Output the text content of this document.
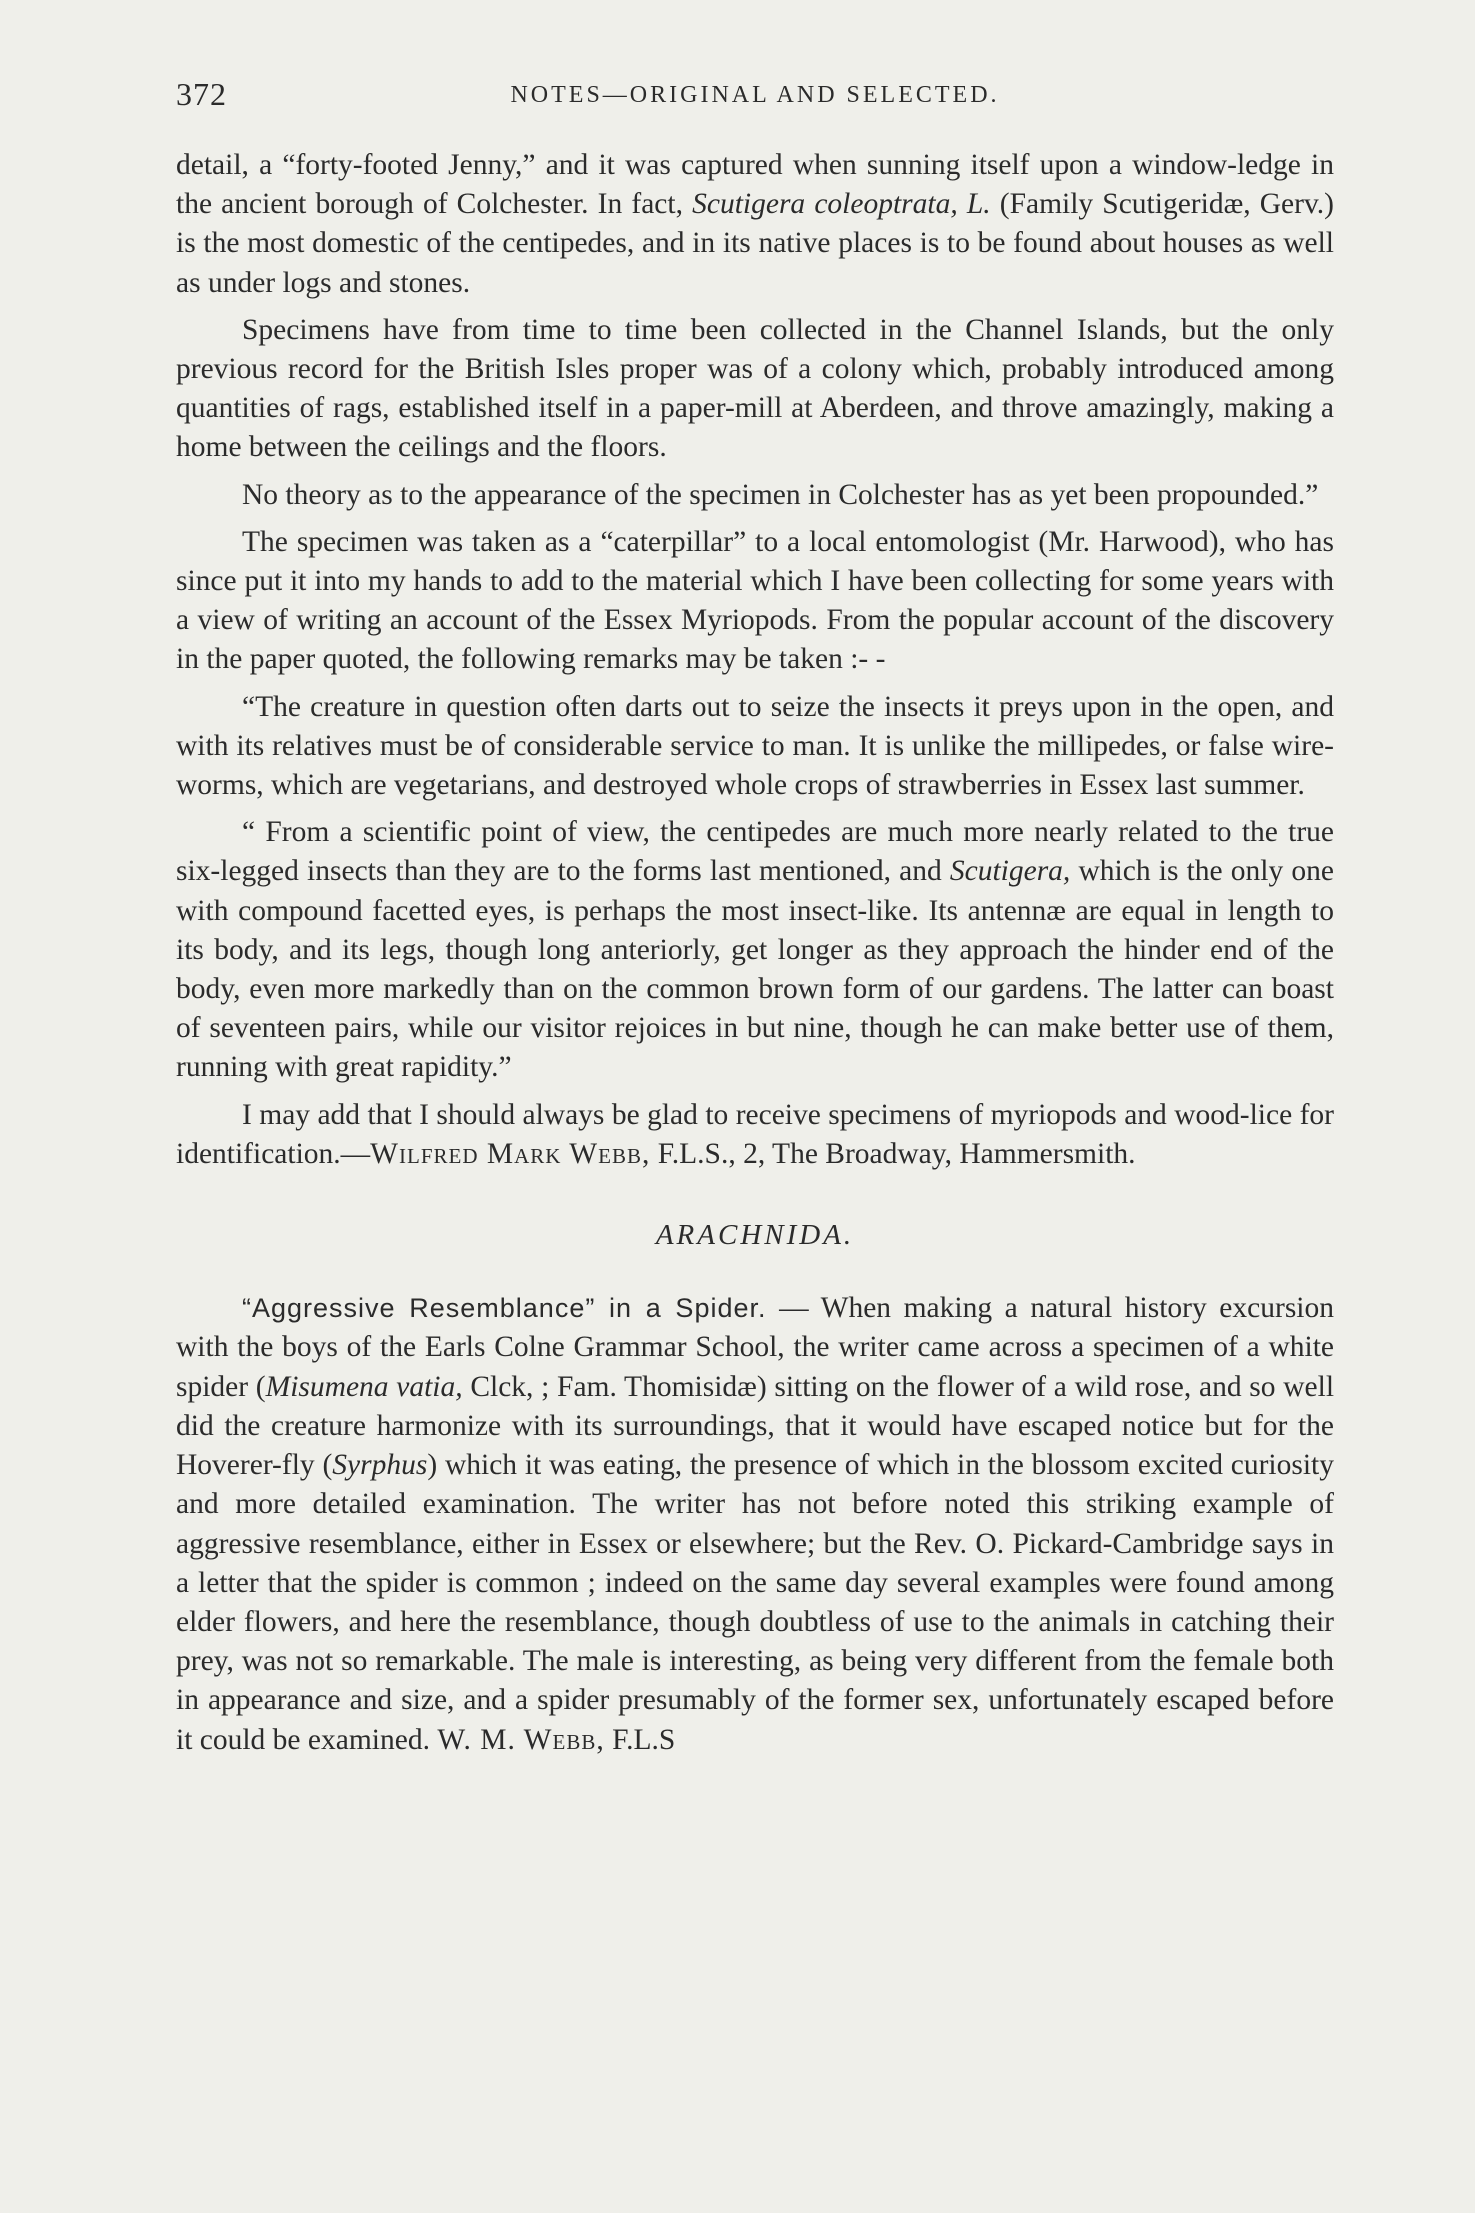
372	NOTES—ORIGINAL AND SELECTED.

detail, a “forty-footed Jenny,” and it was captured when sunning itself upon a window-ledge in the ancient borough of Colchester. In fact, Scutigera coleoptrata, L. (Family Scutigeridæ, Gerv.) is the most domestic of the centipedes, and in its native places is to be found about houses as well as under logs and stones.

Specimens have from time to time been collected in the Channel Islands, but the only previous record for the British Isles proper was of a colony which, probably introduced among quantities of rags, established itself in a paper-mill at Aberdeen, and throve amazingly, making a home between the ceilings and the floors.

No theory as to the appearance of the specimen in Colchester has as yet been propounded.”

The specimen was taken as a “caterpillar” to a local entomologist (Mr. Harwood), who has since put it into my hands to add to the material which I have been collecting for some years with a view of writing an account of the Essex Myriopods. From the popular account of the discovery in the paper quoted, the following remarks may be taken :- -

“The creature in question often darts out to seize the insects it preys upon in the open, and with its relatives must be of considerable service to man. It is unlike the millipedes, or false wire-worms, which are vegetarians, and destroyed whole crops of strawberries in Essex last summer.

“ From a scientific point of view, the centipedes are much more nearly related to the true six-legged insects than they are to the forms last mentioned, and Scutigera, which is the only one with compound facetted eyes, is perhaps the most insect-like. Its antennæ are equal in length to its body, and its legs, though long anteriorly, get longer as they approach the hinder end of the body, even more markedly than on the common brown form of our gardens. The latter can boast of seventeen pairs, while our visitor rejoices in but nine, though he can make better use of them, running with great rapidity.”

I may add that I should always be glad to receive specimens of myriopods and wood-lice for identification.—Wilfred Mark Webb, F.L.S., 2, The Broadway, Hammersmith.

ARACHNIDA.

“Aggressive Resemblance” in a Spider. — When making a natural history excursion with the boys of the Earls Colne Grammar School, the writer came across a specimen of a white spider (Misumena vatia, Clck, ; Fam. Thomisidæ) sitting on the flower of a wild rose, and so well did the creature harmonize with its surroundings, that it would have escaped notice but for the Hoverer-fly (Syrphus) which it was eating, the presence of which in the blossom excited curiosity and more detailed examination. The writer has not before noted this striking example of aggressive resemblance, either in Essex or elsewhere; but the Rev. O. Pickard-Cambridge says in a letter that the spider is common ; indeed on the same day several examples were found among elder flowers, and here the resemblance, though doubtless of use to the animals in catching their prey, was not so remarkable. The male is interesting, as being very different from the female both in appearance and size, and a spider presumably of the former sex, unfortunately escaped before it could be examined. W. M. Webb, F.L.S
